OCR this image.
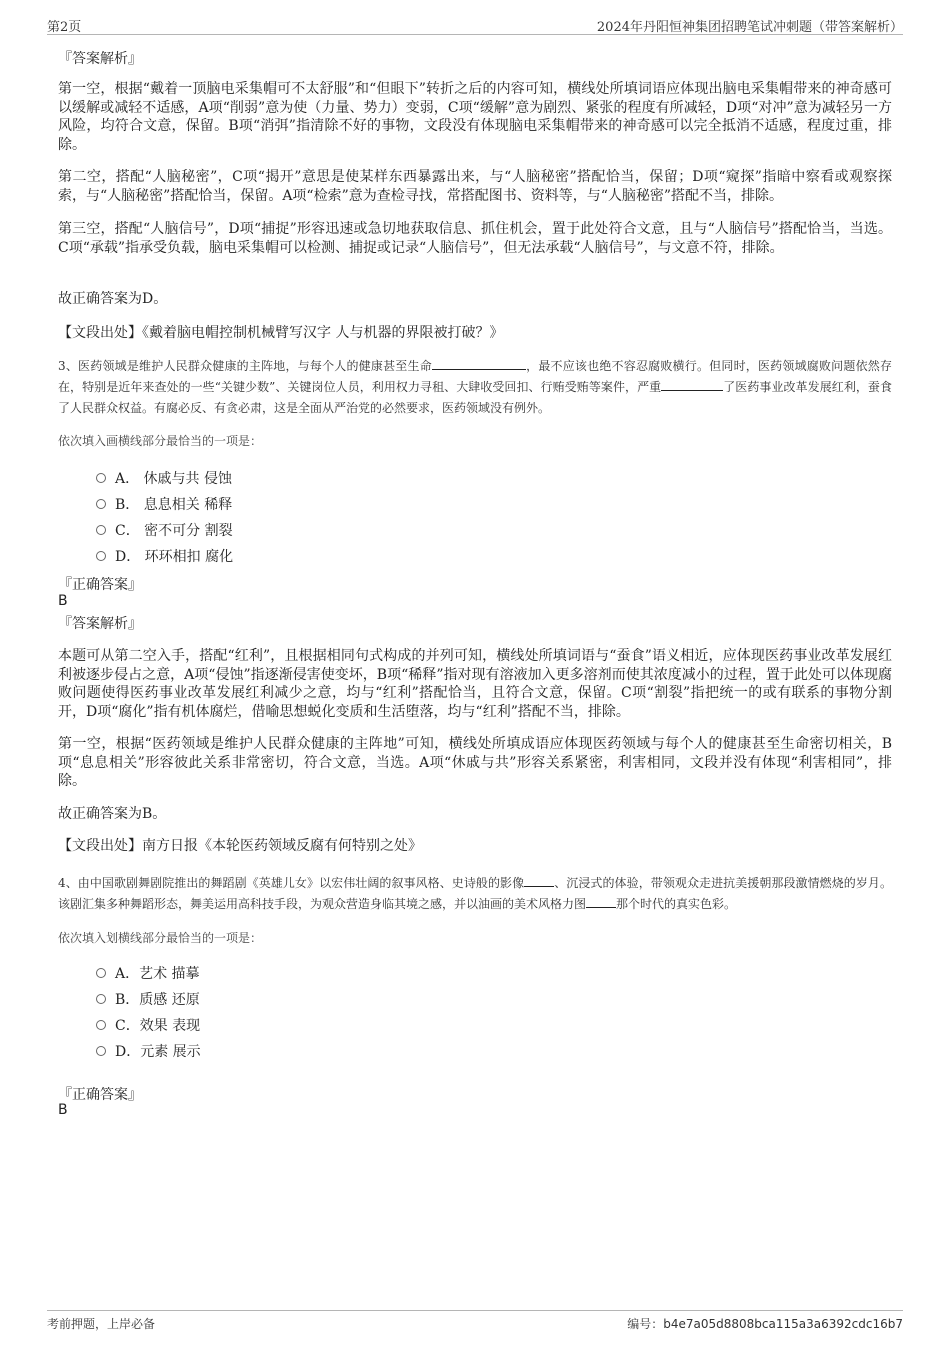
第2页	2024年丹阳恒神集团招聘笔试冲刺题（带答案解析）
『答案解析』
第一空，根据“戴着一顶脑电采集帽可不太舒服”和“但眼下”转折之后的内容可知，横线处所填词语应体现出脑电采集帽带来的神奇感可以缓解或减轻不适感，A项“削弱”意为使（力量、势力）变弱，C项“缓解”意为剧烈、紧张的程度有所减轻，D项“对冲”意为减轻另一方风险，均符合文意，保留。B项“消弭”指清除不好的事物，文段没有体现脑电采集帽带来的神奇感可以完全抵消不适感，程度过重，排除。
第二空，搭配“人脑秘密”，C项“揭开”意思是使某样东西暴露出来，与“人脑秘密”搭配恰当，保留；D项“窥探”指暗中察看或观察探索，与“人脑秘密”搭配恰当，保留。A项“检索”意为查检寻找，常搭配图书、资料等，与“人脑秘密”搭配不当，排除。
第三空，搭配“人脑信号”，D项“捕捉”形容迅速或急切地获取信息、抓住机会，置于此处符合文意，且与“人脑信号”搭配恰当，当选。C项“承载”指承受负载，脑电采集帽可以检测、捕捉或记录“人脑信号”，但无法承载“人脑信号”，与文意不符，排除。
故正确答案为D。
【文段出处】《戴着脑电帽控制机械臂写汉字 人与机器的界限被打破？》
3、医药领域是维护人民群众健康的主阵地，与每个人的健康甚至生命	，最不应该也绝不容忍腐败横行。但同时，医药领域腐败问题依然存在，特别是近年来查处的一些“关键少数”、关键岗位人员，利用权力寻租、大肆收受回扣、行贿受贿等案件，严重	了医药事业改革发展红利，蚕食了人民群众权益。有腐必反、有贪必肃，这是全面从严治党的必然要求，医药领域没有例外。
依次填入画横线部分最恰当的一项是：
A． 休戚与共 侵蚀
B． 息息相关 稀释
C． 密不可分 割裂
D． 环环相扣 腐化
『正确答案』
B
『答案解析』
本题可从第二空入手，搭配“红利”，且根据相同句式构成的并列可知，横线处所填词语与“蚕食”语义相近，应体现医药事业改革发展红利被逐步侵占之意，A项“侵蚀”指逐渐侵害使变坏，B项“稀释”指对现有溶液加入更多溶剂而使其浓度减小的过程，置于此处可以体现腐败问题使得医药事业改革发展红利减少之意，均与“红利”搭配恰当，且符合文意，保留。C项“割裂”指把统一的或有联系的事物分割开，D项“腐化”指有机体腐烂，借喻思想蜕化变质和生活堕落，均与“红利”搭配不当，排除。
第一空，根据“医药领域是维护人民群众健康的主阵地”可知，横线处所填成语应体现医药领域与每个人的健康甚至生命密切相关，B项“息息相关”形容彼此关系非常密切，符合文意，当选。A项“休戚与共”形容关系紧密，利害相同，文段并没有体现“利害相同”，排除。
故正确答案为B。
【文段出处】南方日报《本轮医药领域反腐有何特别之处》
4、由中国歌剧舞剧院推出的舞蹈剧《英雄儿女》以宏伟壮阔的叙事风格、史诗般的影像	、沉浸式的体验，带领观众走进抗美援朝那段激情燃烧的岁月。该剧汇集多种舞蹈形态，舞美运用高科技手段，为观众营造身临其境之感，并以油画的美术风格力图	那个时代的真实色彩。
依次填入划横线部分最恰当的一项是：
A．艺术 描摹
B．质感 还原
C．效果 表现
D．元素 展示
『正确答案』
B
考前押题，上岸必备	编号：b4e7a05d8808bca115a3a6392cdc16b7
